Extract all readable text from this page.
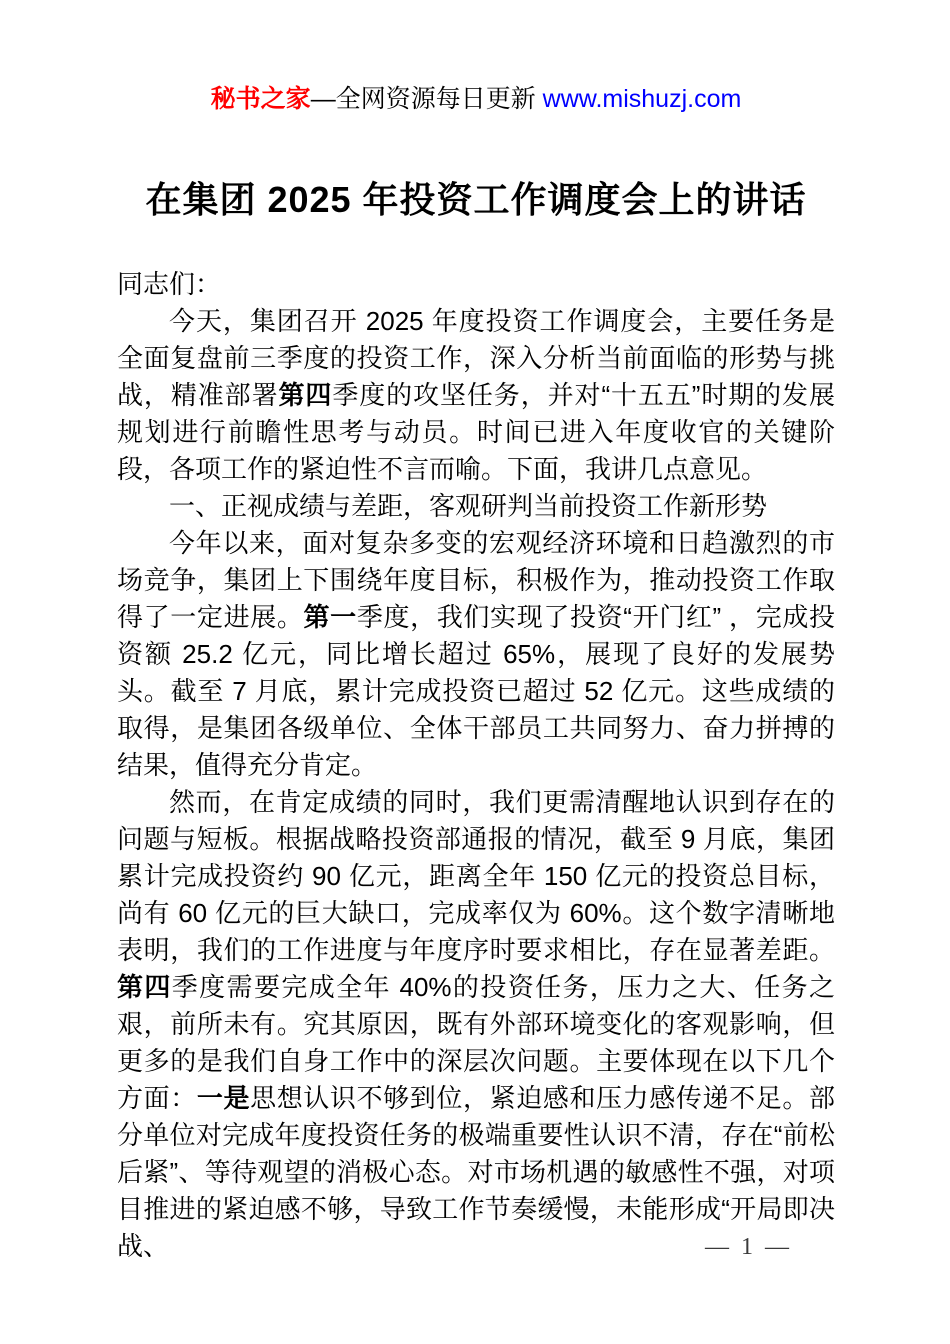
秘书之家—全网资源每日更新 www.mishuzj.com
在集团 2025 年投资工作调度会上的讲话

同志们：

今天，集团召开 2025 年度投资工作调度会，主要任务是全面复盘前三季度的投资工作，深入分析当前面临的形势与挑战，精准部署第四季度的攻坚任务，并对“十五五”时期的发展规划进行前瞻性思考与动员。时间已进入年度收官的关键阶段，各项工作的紧迫性不言而喻。下面，我讲几点意见。

一、正视成绩与差距，客观研判当前投资工作新形势

今年以来，面对复杂多变的宏观经济环境和日趋激烈的市场竞争，集团上下围绕年度目标，积极作为，推动投资工作取得了一定进展。第一季度，我们实现了投资“开门红” ，完成投资额 25.2 亿元，同比增长超过 65%，展现了良好的发展势头。截至 7 月底，累计完成投资已超过 52 亿元。这些成绩的取得，是集团各级单位、全体干部员工共同努力、奋力拼搏的结果，值得充分肯定。

然而，在肯定成绩的同时，我们更需清醒地认识到存在的问题与短板。根据战略投资部通报的情况，截至 9 月底，集团累计完成投资约 90 亿元，距离全年 150 亿元的投资总目标，尚有 60 亿元的巨大缺口，完成率仅为 60%。这个数字清晰地表明，我们的工作进度与年度序时要求相比，存在显著差距。第四季度需要完成全年 40%的投资任务，压力之大、任务之艰，前所未有。究其原因，既有外部环境变化的客观影响，但更多的是我们自身工作中的深层次问题。主要体现在以下几个方面：一是思想认识不够到位，紧迫感和压力感传递不足。部分单位对完成年度投资任务的极端重要性认识不清，存在“前松后紧”、等待观望的消极心态。对市场机遇的敏感性不强，对项目推进的紧迫感不够，导致工作节奏缓慢，未能形成“开局即决战、	— 1 —
